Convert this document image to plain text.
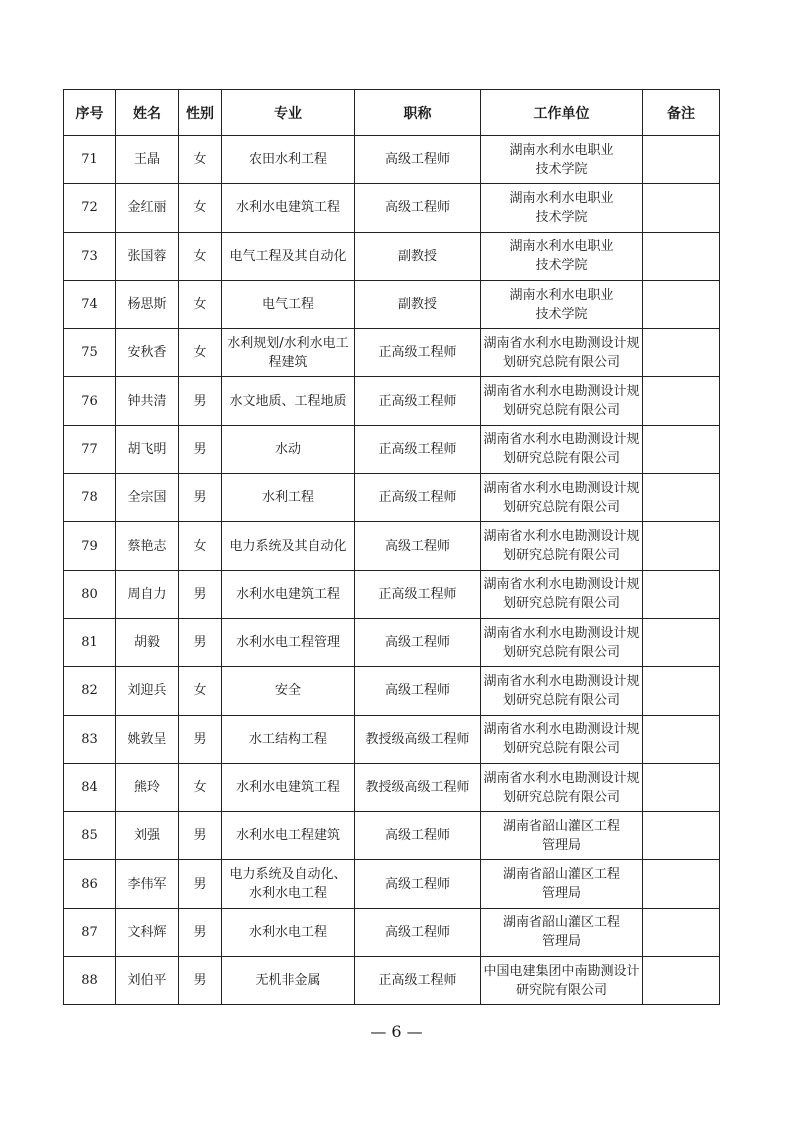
序号	姓名	性别	专业	职称	工作单位	备注
71	王晶	女	农田水利工程	高级工程师	湖南水利水电职业
技术学院	

72	金红丽	女	水利水电建筑工程	高级工程师	湖南水利水电职业
技术学院	

73	张国蓉	女	电气工程及其自动化	副教授	湖南水利水电职业
技术学院	

74	杨思斯	女	电气工程	副教授	湖南水利水电职业
技术学院	

75	安秋香	女	水利规划/水利水电工
程建筑	正高级工程师	湖南省水利水电勘测设计规
划研究总院有限公司	

76	钟共清	男	水文地质、工程地质	正高级工程师	湖南省水利水电勘测设计规
划研究总院有限公司	

77	胡飞明	男	水动	正高级工程师	湖南省水利水电勘测设计规
划研究总院有限公司	

78	全宗国	男	水利工程	正高级工程师	湖南省水利水电勘测设计规
划研究总院有限公司	

79	蔡艳志	女	电力系统及其自动化	高级工程师	湖南省水利水电勘测设计规
划研究总院有限公司	

80	周自力	男	水利水电建筑工程	正高级工程师	湖南省水利水电勘测设计规
划研究总院有限公司	

81	胡毅	男	水利水电工程管理	高级工程师	湖南省水利水电勘测设计规
划研究总院有限公司	

82	刘迎兵	女	安全	高级工程师	湖南省水利水电勘测设计规
划研究总院有限公司	

83	姚敦呈	男	水工结构工程	教授级高级工程师	湖南省水利水电勘测设计规
划研究总院有限公司	

84	熊玲	女	水利水电建筑工程	教授级高级工程师	湖南省水利水电勘测设计规
划研究总院有限公司	

85	刘强	男	水利水电工程建筑	高级工程师	湖南省韶山灌区工程
管理局	

86	李伟军	男	电力系统及自动化、
水利水电工程	高级工程师	湖南省韶山灌区工程
管理局	

87	文科辉	男	水利水电工程	高级工程师	湖南省韶山灌区工程
管理局	

88	刘伯平	男	无机非金属	正高级工程师	中国电建集团中南勘测设计
研究院有限公司	

— 6 —
